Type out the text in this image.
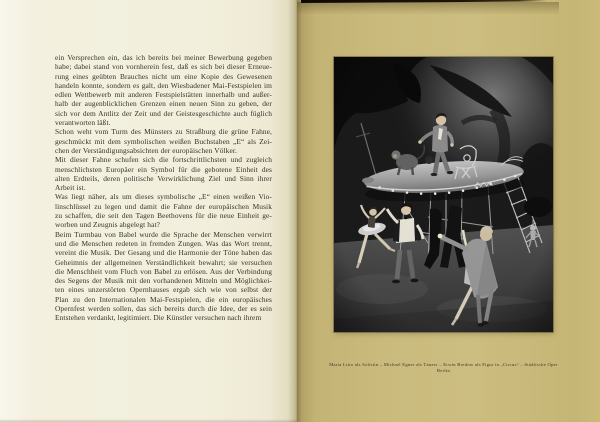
ein Versprechen ein, das ich bereits bei meiner Bewerbung gegeben
habe; dabei stand von vornherein fest, daß es sich bei dieser Erneue-
rung eines geübten Brauches nicht um eine Kopie des Gewesenen
handeln konnte, sondern es galt, den Wiesbadener Mai-Festspielen im
edlen Wettbewerb mit anderen Festspielstätten innerhalb und außer-
halb der augenblicklichen Grenzen einen neuen Sinn zu geben, der
sich vor dem Antlitz der Zeit und der Geistesgeschichte auch füglich
verantworten läßt.

Schon weht vom Turm des Münsters zu Straßburg die grüne Fahne,
geschmückt mit dem symbolischen weißen Buchstaben „E“ als Zei-
chen der Verständigungsabsichten der europäischen Völker.

Mit dieser Fahne schufen sich die fortschrittlichsten und zugleich
menschlichsten Europäer ein Symbol für die gebotene Einheit des
alten Erdteils, deren politische Verwirklichung Ziel und Sinn ihrer
Arbeit ist.

Was liegt näher, als um dieses symbolische „E“ einen weißen Vio-
linschlüssel zu legen und damit die Fahne der europäischen Musik
zu schaffen, die seit den Tagen Beethovens für die neue Einheit ge-
worben und Zeugnis abgelegt hat?

Beim Turmbau von Babel wurde die Sprache der Menschen verwirrt
und die Menschen redeten in fremden Zungen. Was das Wort trennt,
vereint die Musik. Der Gesang und die Harmonie der Töne haben das
Geheimnis der allgemeinen Verständlichkeit bewahrt; sie versuchen
die Menschheit vom Fluch von Babel zu erlösen. Aus der Verbindung
des Segens der Musik mit den vorhandenen Mitteln und Möglichkei-
ten eines unzerstörten Opernhauses ergab sich wie von selbst der
Plan zu den Internationalen Mai-Festspielen, die ein europäisches
Opernfest werden sollen, das sich bereits durch die Idee, der es sein
Entstehen verdankt, legitimiert. Die Künstler versuchen nach ihrem

Maria Litto als Solistin – Michael Egner als Tänzer – Erwin Bredow als Figur in „Circus“ – Städtische Oper Berlin
